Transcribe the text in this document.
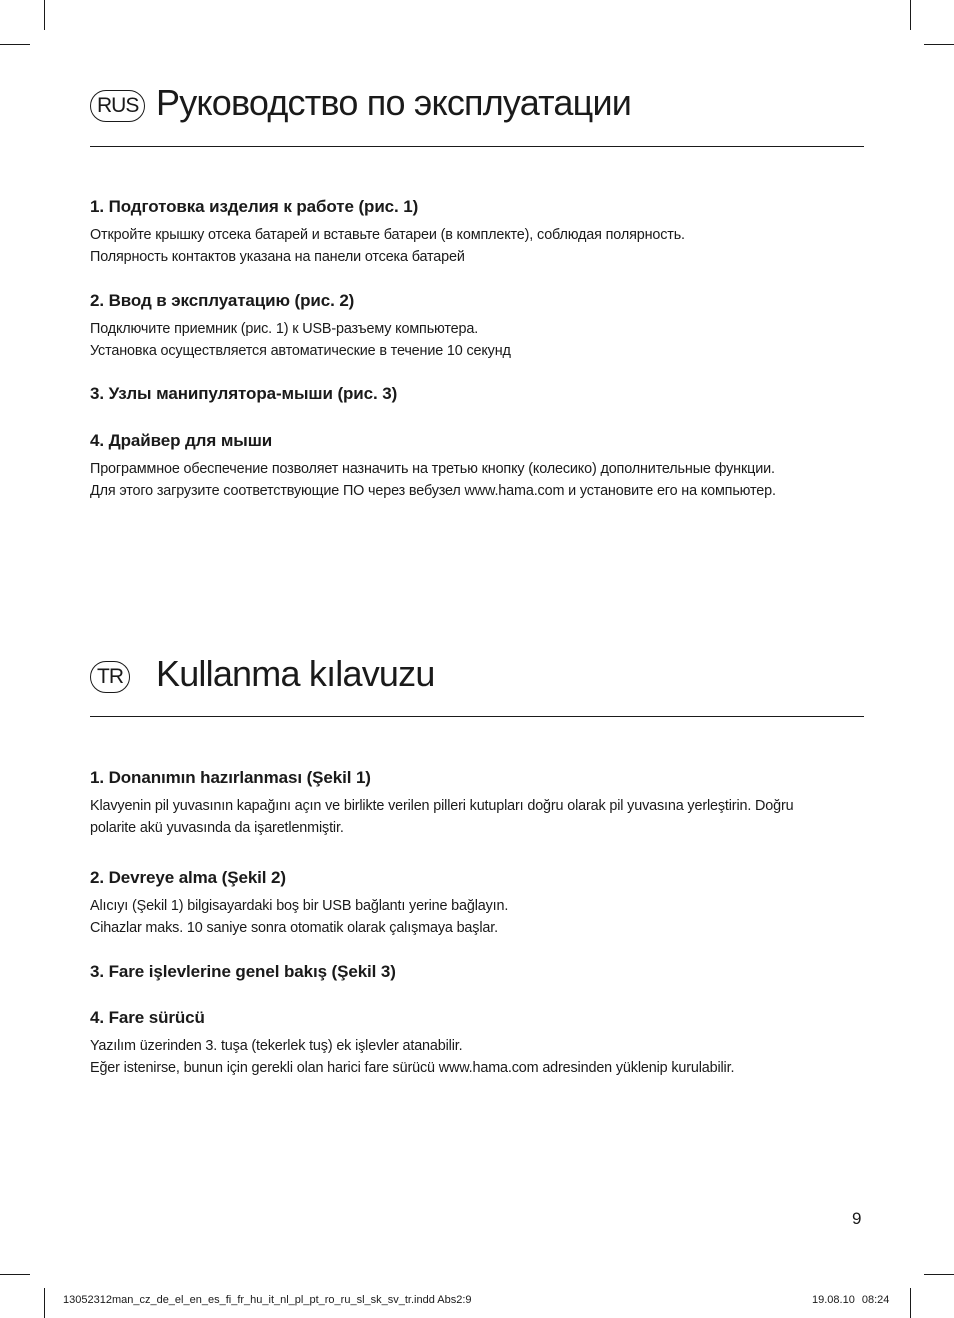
RUS Руководство по эксплуатации
1. Подготовка изделия к работе (рис. 1)

Откройте крышку отсека батарей и вставьте батареи (в комплекте), соблюдая полярность.
Полярность контактов указана на панели отсека батарей

2. Ввод в эксплуатацию (рис. 2)

Подключите приемник (рис. 1) к USB-разъему компьютера.
Установка осуществляется автоматические в течение 10 секунд

3. Узлы манипулятора-мыши (рис. 3)
4. Драйвер для мыши

Программное обеспечение позволяет назначить на третью кнопку (колесико) дополнительные функции.
Для этого загрузите соответствующие ПО через вебузел www.hama.com и установите его на компьютер.

TR Kullanma kılavuzu
1. Donanımın hazırlanması (Şekil 1)

Klavyenin pil yuvasının kapağını açın ve birlikte verilen pilleri kutupları doğru olarak pil yuvasına yerleştirin. Doğru
polarite akü yuvasında da işaretlenmiştir.

2. Devreye alma (Şekil 2)

Alıcıyı (Şekil 1) bilgisayardaki boş bir USB bağlantı yerine bağlayın.
Cihazlar maks. 10 saniye sonra otomatik olarak çalışmaya başlar.

3. Fare işlevlerine genel bakış (Şekil 3)
4. Fare sürücü

Yazılım üzerinden 3. tuşa (tekerlek tuş) ek işlevler atanabilir.
Eğer istenirse, bunun için gerekli olan harici fare sürücü www.hama.com adresinden yüklenip kurulabilir.

9
13052312man_cz_de_el_en_es_fi_fr_hu_it_nl_pl_pt_ro_ru_sl_sk_sv_tr.indd Abs2:9	19.08.10 08:24
